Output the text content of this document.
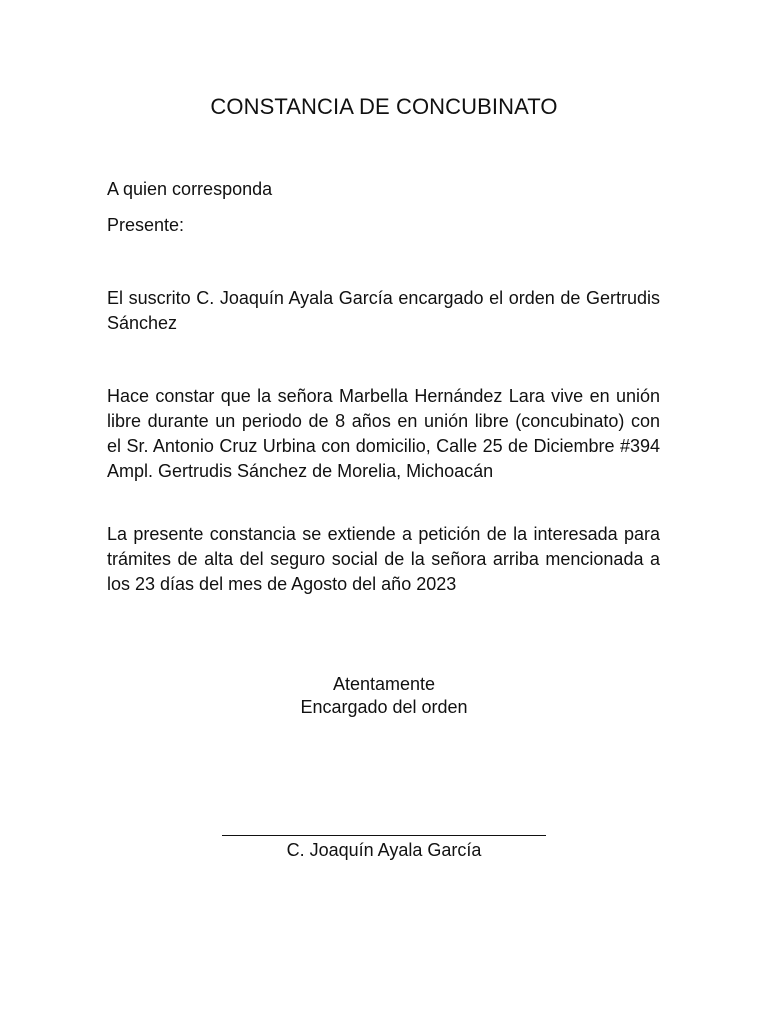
CONSTANCIA DE CONCUBINATO
A quien corresponda
Presente:
El suscrito C. Joaquín Ayala García encargado el orden de Gertrudis Sánchez
Hace constar que la señora Marbella Hernández Lara vive en unión libre durante un periodo de 8 años en unión libre (concubinato) con el Sr. Antonio Cruz Urbina con domicilio, Calle 25 de Diciembre #394 Ampl. Gertrudis Sánchez de Morelia, Michoacán
La presente constancia se extiende a petición de la interesada para trámites de alta del seguro social de la señora arriba mencionada a los 23 días del mes de Agosto del año 2023
Atentamente
Encargado del orden
C. Joaquín Ayala García
